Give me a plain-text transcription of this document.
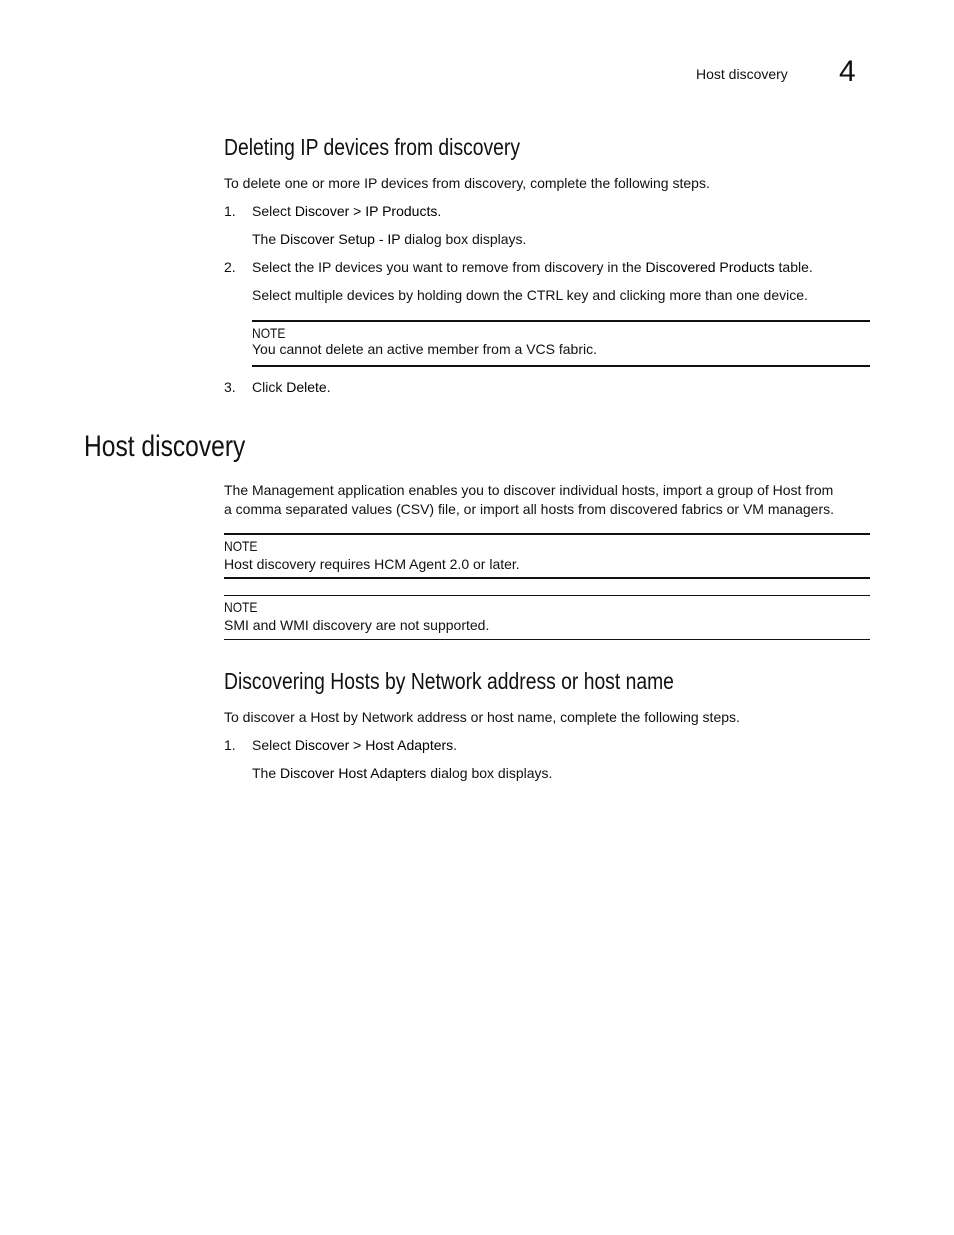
Host discovery 4
Deleting IP devices from discovery
To delete one or more IP devices from discovery, complete the following steps.
1. Select Discover > IP Products.
The Discover Setup - IP dialog box displays.
2. Select the IP devices you want to remove from discovery in the Discovered Products table.
Select multiple devices by holding down the CTRL key and clicking more than one device.
NOTE
You cannot delete an active member from a VCS fabric.
3. Click Delete.
Host discovery
The Management application enables you to discover individual hosts, import a group of Host from
a comma separated values (CSV) file, or import all hosts from discovered fabrics or VM managers.
NOTE
Host discovery requires HCM Agent 2.0 or later.
NOTE
SMI and WMI discovery are not supported.
Discovering Hosts by Network address or host name
To discover a Host by Network address or host name, complete the following steps.
1. Select Discover > Host Adapters.
The Discover Host Adapters dialog box displays.
